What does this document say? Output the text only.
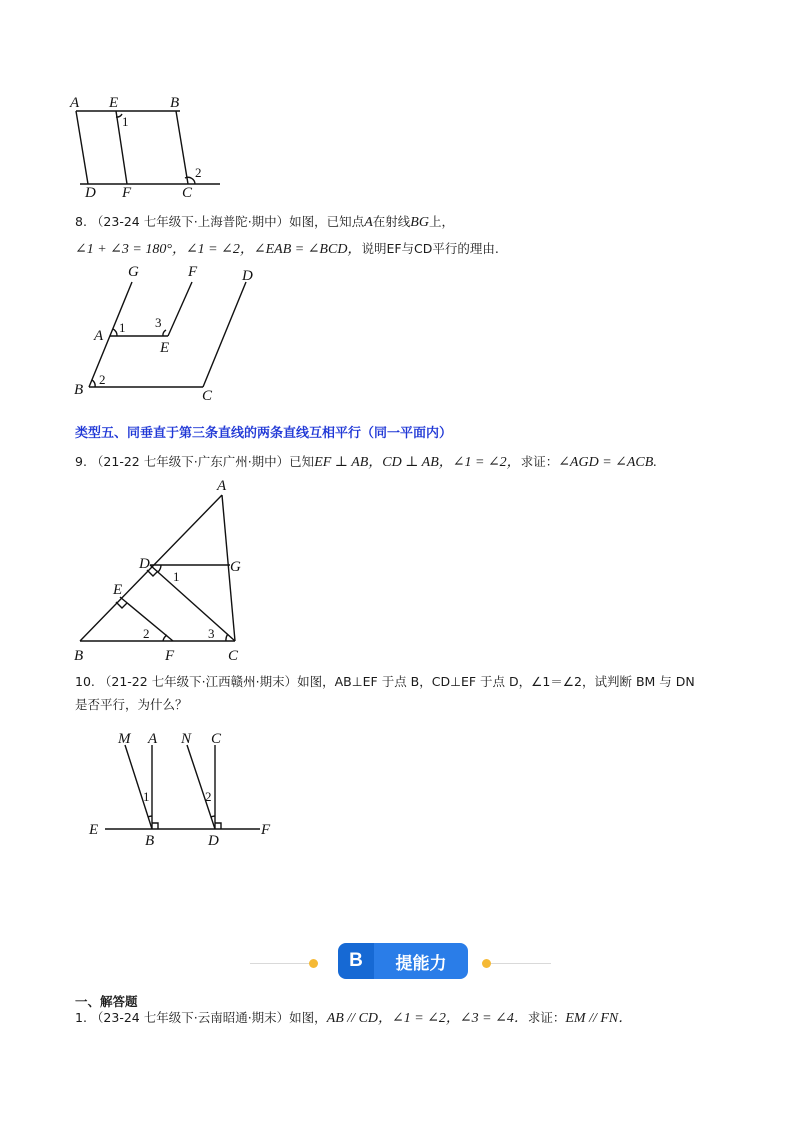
A E	B
D F	C
1
2
8. （23-24 七年级下·上海普陀·期中）如图，已知点A在射线BG上，
∠1 + ∠3 = 180°，∠1 = ∠2，∠EAB = ∠BCD，说明EF与CD平行的理由.
G	F	D
A
E
B	C
1 3
2
类型五、同垂直于第三条直线的两条直线互相平行（同一平面内）
9. （21-22 七年级下·广东广州·期中）已知EF ⊥ AB，CD ⊥ AB，∠1 = ∠2，求证：∠AGD = ∠ACB.
A
D	G
E
B	F	C
1
2	3
10. （21-22 七年级下·江西赣州·期末）如图，AB⊥EF 于点 B，CD⊥EF 于点 D，∠1＝∠2，试判断 BM 与 DN
是否平行，为什么？
M A N C
E
B	D
F
1	2
B	提能力
一、解答题
1. （23-24 七年级下·云南昭通·期末）如图，AB // CD，∠1 = ∠2，∠3 = ∠4．求证：EM // FN．
